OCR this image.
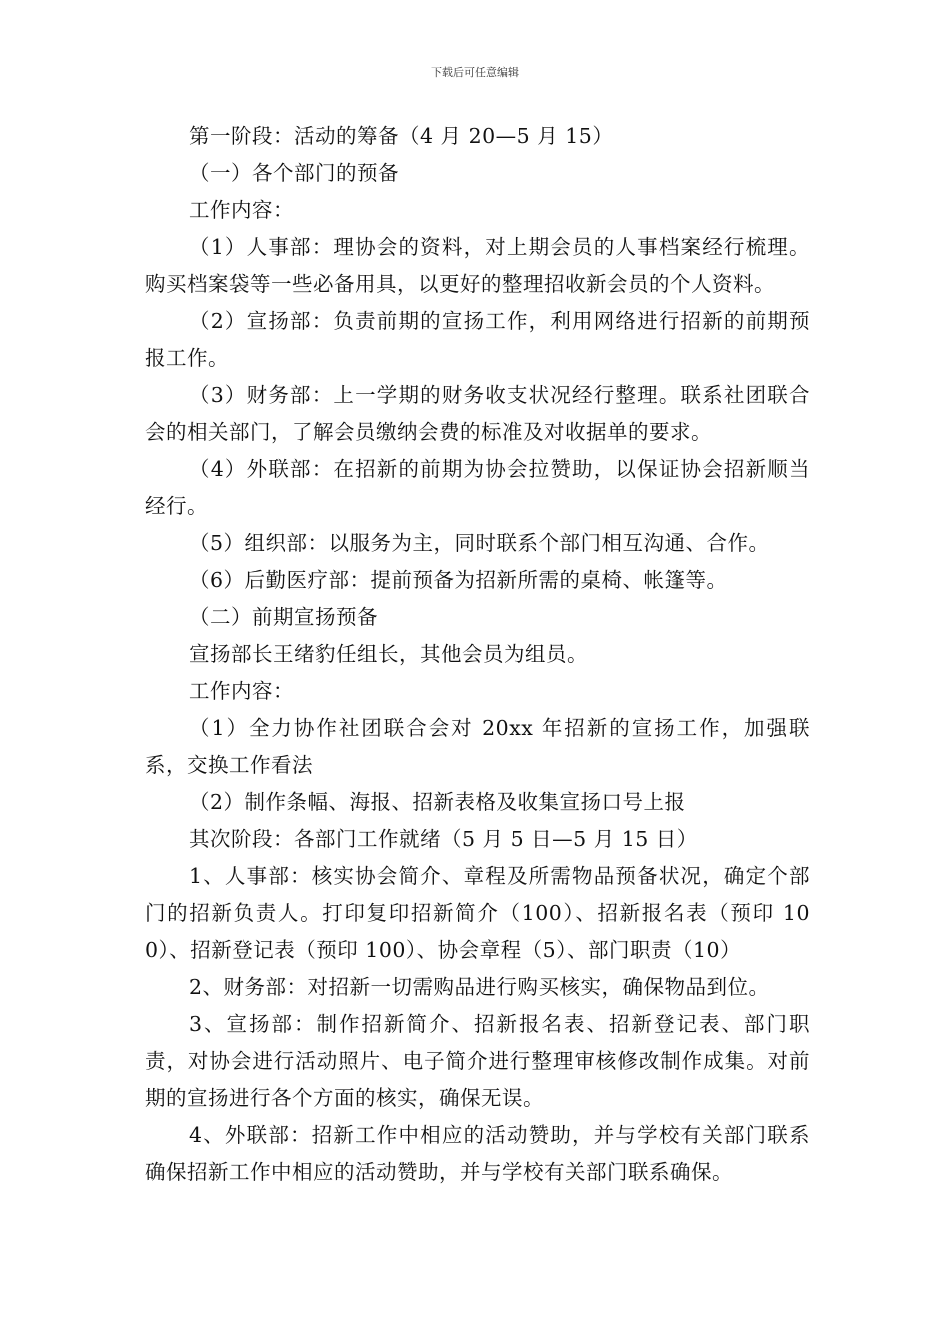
下载后可任意编辑

第一阶段：活动的筹备（4 月 20—5 月 15）

（一）各个部门的预备

工作内容：

（1）人事部：理协会的资料，对上期会员的人事档案经行梳理。购买档案袋等一些必备用具，以更好的整理招收新会员的个人资料。

（2）宣扬部：负责前期的宣扬工作，利用网络进行招新的前期预报工作。

（3）财务部：上一学期的财务收支状况经行整理。联系社团联合会的相关部门，了解会员缴纳会费的标准及对收据单的要求。

（4）外联部：在招新的前期为协会拉赞助，以保证协会招新顺当经行。

（5）组织部：以服务为主，同时联系个部门相互沟通、合作。

（6）后勤医疗部：提前预备为招新所需的桌椅、帐篷等。

（二）前期宣扬预备

宣扬部长王绪豹任组长，其他会员为组员。

工作内容：

（1）全力协作社团联合会对 20xx 年招新的宣扬工作，加强联系，交换工作看法

（2）制作条幅、海报、招新表格及收集宣扬口号上报

其次阶段：各部门工作就绪（5 月 5 日—5 月 15 日）

1、人事部：核实协会简介、章程及所需物品预备状况，确定个部门的招新负责人。打印复印招新简介（100）、招新报名表（预印 100）、招新登记表（预印 100）、协会章程（5）、部门职责（10）

2、财务部：对招新一切需购品进行购买核实，确保物品到位。

3、宣扬部：制作招新简介、招新报名表、招新登记表、部门职责，对协会进行活动照片、电子简介进行整理审核修改制作成集。对前期的宣扬进行各个方面的核实，确保无误。

4、外联部：招新工作中相应的活动赞助，并与学校有关部门联系确保招新工作中相应的活动赞助，并与学校有关部门联系确保。
